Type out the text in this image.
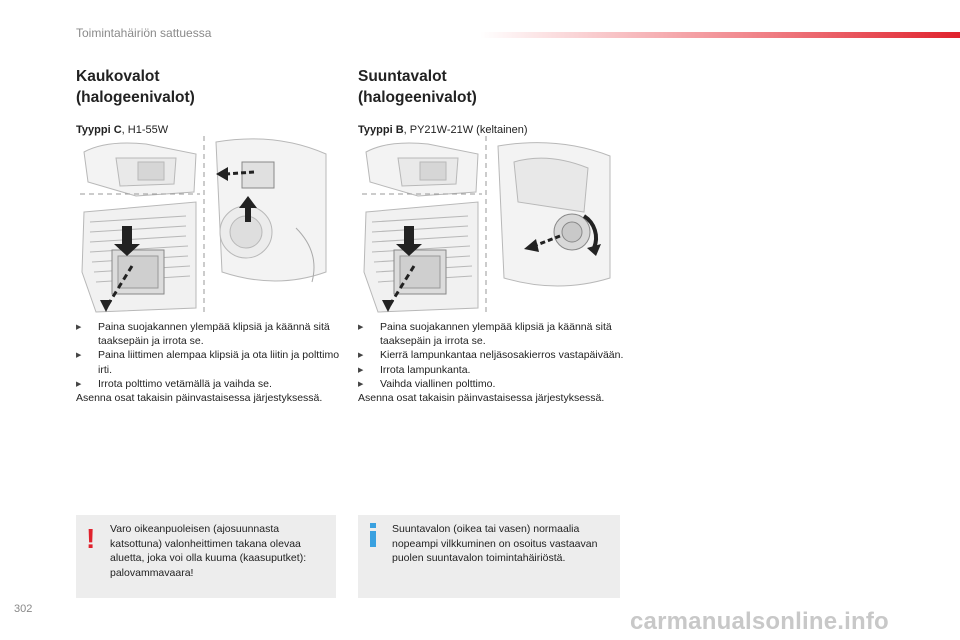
Toimintahäiriön sattuessa
Kaukovalot
(halogeenivalot)
Tyyppi C, H1-55W
Suuntavalot
(halogeenivalot)
Tyyppi B, PY21W-21W (keltainen)
▶ Paina suojakannen ylempää klipsiä ja käännä sitä taaksepäin ja irrota se.
▶ Paina liittimen alempaa klipsiä ja ota liitin ja polttimo irti.
▶ Irrota polttimo vetämällä ja vaihda se.

Asenna osat takaisin päinvastaisessa järjestyksessä.

▶ Paina suojakannen ylempää klipsiä ja käännä sitä taaksepäin ja irrota se.
▶ Kierrä lampunkantaa neljäsosakierros vastapäivään.
▶ Irrota lampunkanta.
▶ Vaihda viallinen polttimo.

Asenna osat takaisin päinvastaisessa järjestyksessä.

! Varo oikeanpuoleisen (ajosuunnasta katsottuna) valonheittimen takana olevaa aluetta, joka voi olla kuuma (kaasuputket): palovammavaara!
Suuntavalon (oikea tai vasen) normaalia nopeampi vilkkuminen on osoitus vastaavan puolen suuntavalon toimintahäiriöstä.
302	carmanualsonline.info
